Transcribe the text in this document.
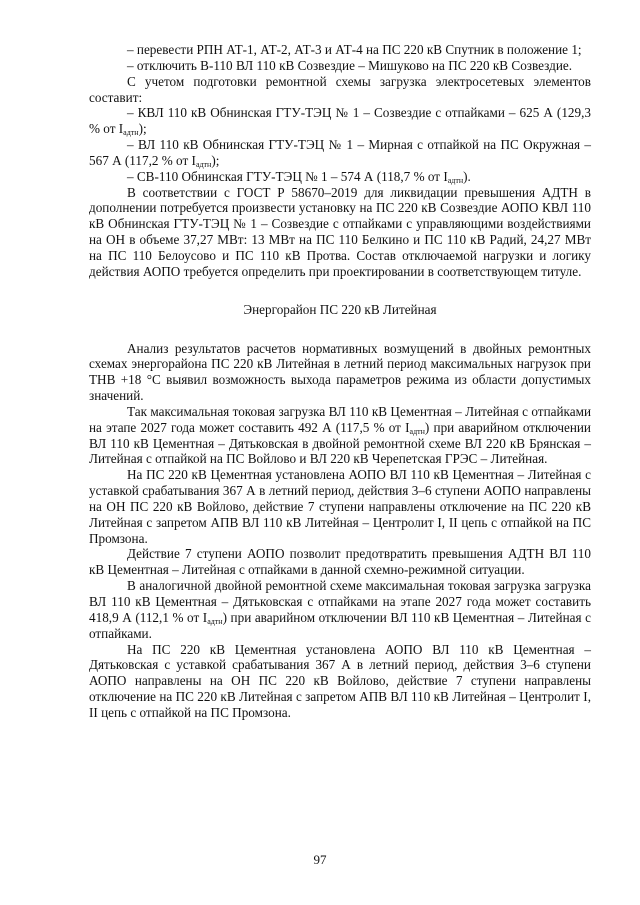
– перевести РПН АТ-1, АТ-2, АТ-3 и АТ-4 на ПС 220 кВ Спутник в положение 1;

– отключить В-110 ВЛ 110 кВ Созвездие – Мишуково на ПС 220 кВ Созвездие.

С учетом подготовки ремонтной схемы загрузка электросетевых элементов составит:

– КВЛ 110 кВ Обнинская ГТУ-ТЭЦ № 1 – Созвездие с отпайками – 625 А (129,3 % от $I_{адтн}$);

– ВЛ 110 кВ Обнинская ГТУ-ТЭЦ № 1 – Мирная с отпайкой на ПС Окружная – 567 А (117,2 % от $I_{адтн}$);

– СВ-110 Обнинская ГТУ-ТЭЦ № 1 – 574 А (118,7 % от $I_{адтн}$).

В соответствии с ГОСТ Р 58670–2019 для ликвидации превышения АДТН в дополнении потребуется произвести установку на ПС 220 кВ Созвездие АОПО КВЛ 110 кВ Обнинская ГТУ-ТЭЦ № 1 – Созвездие с отпайками с управляющими воздействиями на ОН в объеме 37,27 МВт: 13 МВт на ПС 110 Белкино и ПС 110 кВ Радий, 24,27 МВт на ПС 110 Белоусово и ПС 110 кВ Протва. Состав отключаемой нагрузки и логику действия АОПО требуется определить при проектировании в соответствующем титуле.

Энергорайон ПС 220 кВ Литейная

Анализ результатов расчетов нормативных возмущений в двойных ремонтных схемах энергорайона ПС 220 кВ Литейная в летний период максимальных нагрузок при ТНВ +18 °С выявил возможность выхода параметров режима из области допустимых значений.

Так максимальная токовая загрузка ВЛ 110 кВ Цементная – Литейная с отпайками на этапе 2027 года может составить 492 А (117,5 % от $I_{адтн}$) при аварийном отключении ВЛ 110 кВ Цементная – Дятьковская в двойной ремонтной схеме ВЛ 220 кВ Брянская – Литейная с отпайкой на ПС Войлово и ВЛ 220 кВ Черепетская ГРЭС – Литейная.

На ПС 220 кВ Цементная установлена АОПО ВЛ 110 кВ Цементная – Литейная с уставкой срабатывания 367 А в летний период, действия 3–6 ступени АОПО направлены на ОН ПС 220 кВ Войлово, действие 7 ступени направлены отключение на ПС 220 кВ Литейная с запретом АПВ ВЛ 110 кВ Литейная – Центролит I, II цепь с отпайкой на ПС Промзона.

Действие 7 ступени АОПО позволит предотвратить превышения АДТН ВЛ 110 кВ Цементная – Литейная с отпайками в данной схемно-режимной ситуации.

В аналогичной двойной ремонтной схеме максимальная токовая загрузка загрузка ВЛ 110 кВ Цементная – Дятьковская с отпайками на этапе 2027 года может составить 418,9 А (112,1 % от $I_{адтн}$) при аварийном отключении ВЛ 110 кВ Цементная – Литейная с отпайками.

На ПС 220 кВ Цементная установлена АОПО ВЛ 110 кВ Цементная – Дятьковская с уставкой срабатывания 367 А в летний период, действия 3–6 ступени АОПО направлены на ОН ПС 220 кВ Войлово, действие 7 ступени направлены отключение на ПС 220 кВ Литейная с запретом АПВ ВЛ 110 кВ Литейная – Центролит I, II цепь с отпайкой на ПС Промзона.

97
